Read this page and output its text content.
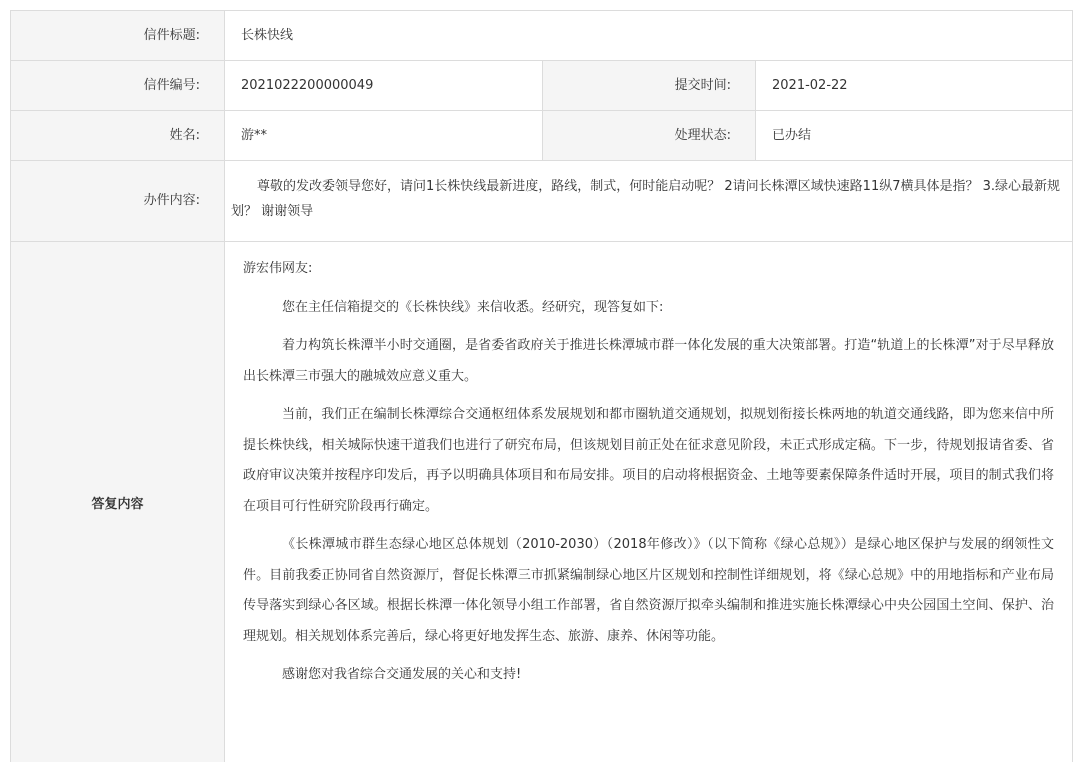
信件标题:	长株快线
信件编号:	2021022200000049	提交时间:	2021-02-22
姓名:	游**	处理状态:	已办结
办件内容:

尊敬的发改委领导您好，请问1长株快线最新进度，路线，制式，何时能启动呢？ 2请问长株潭区域快速路11纵7横具体是指？ 3.绿心最新规划？ 谢谢领导

答复内容

游宏伟网友:

您在主任信箱提交的《长株快线》来信收悉。经研究，现答复如下:

着力构筑长株潭半小时交通圈，是省委省政府关于推进长株潭城市群一体化发展的重大决策部署。打造“轨道上的长株潭”对于尽早释放出长株潭三市强大的融城效应意义重大。

当前，我们正在编制长株潭综合交通枢纽体系发展规划和都市圈轨道交通规划，拟规划衔接长株两地的轨道交通线路，即为您来信中所提长株快线，相关城际快速干道我们也进行了研究布局，但该规划目前正处在征求意见阶段，未正式形成定稿。下一步，待规划报请省委、省政府审议决策并按程序印发后，再予以明确具体项目和布局安排。项目的启动将根据资金、土地等要素保障条件适时开展，项目的制式我们将在项目可行性研究阶段再行确定。

《长株潭城市群生态绿心地区总体规划（2010-2030）（2018年修改）》（以下简称《绿心总规》）是绿心地区保护与发展的纲领性文件。目前我委正协同省自然资源厅，督促长株潭三市抓紧编制绿心地区片区规划和控制性详细规划，将《绿心总规》中的用地指标和产业布局传导落实到绿心各区域。根据长株潭一体化领导小组工作部署，省自然资源厅拟牵头编制和推进实施长株潭绿心中央公园国土空间、保护、治理规划。相关规划体系完善后，绿心将更好地发挥生态、旅游、康养、休闲等功能。

感谢您对我省综合交通发展的关心和支持!
